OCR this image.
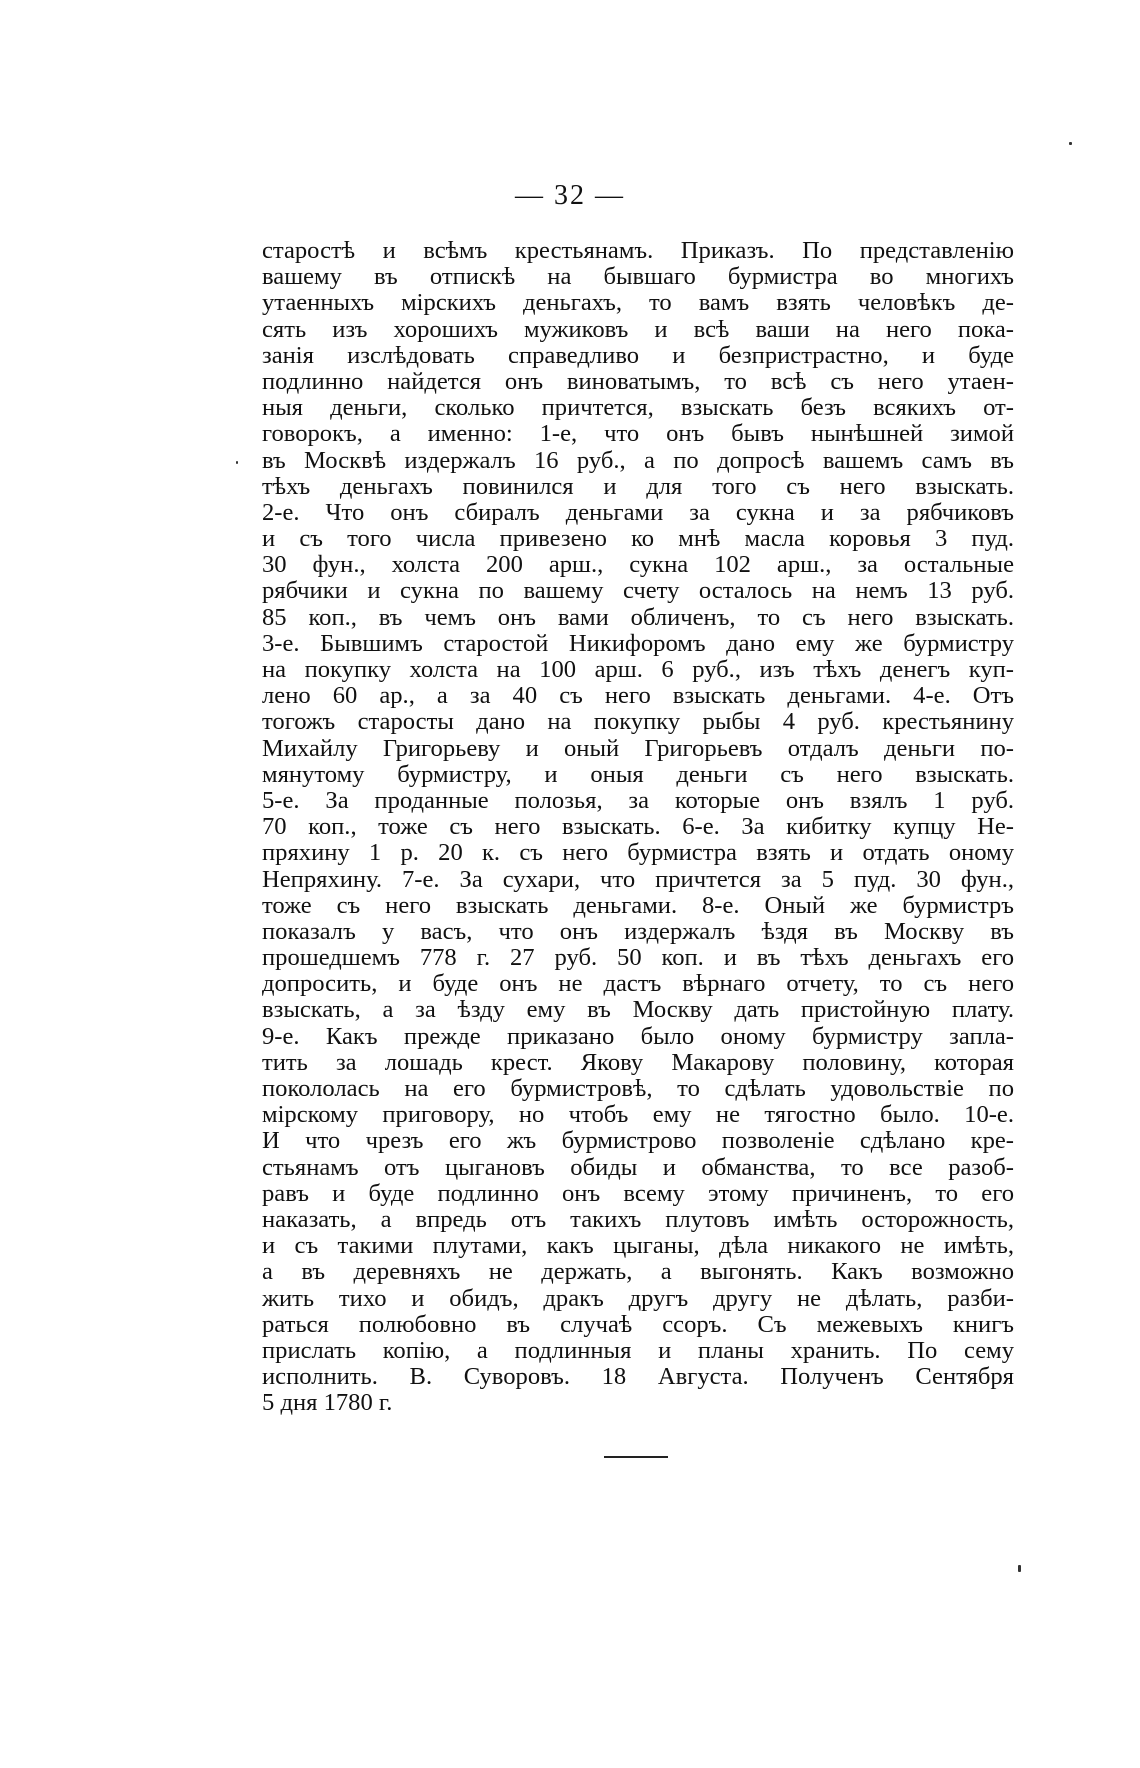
— 32 —
старостѣ и всѣмъ крестьянамъ. Приказъ. По представленію
вашему въ отпискѣ на бывшаго бурмистра во многихъ
утаенныхъ мірскихъ деньгахъ, то вамъ взять человѣкъ де-
сять изъ хорошихъ мужиковъ и всѣ ваши на него пока-
занія изслѣдовать справедливо и безпристрастно, и буде
подлинно найдется онъ виноватымъ, то всѣ съ него утаен-
ныя деньги, сколько причтется, взыскать безъ всякихъ от-
говорокъ, а именно: 1-е, что онъ бывъ нынѣшней зимой
въ Москвѣ издержалъ 16 руб., а по допросѣ вашемъ самъ въ
тѣхъ деньгахъ повинился и для того съ него взыскать.
2-е. Что онъ сбиралъ деньгами за сукна и за рябчиковъ
и съ того числа привезено ко мнѣ масла коровья 3 пуд.
30 фун., холста 200 арш., сукна 102 арш., за остальные
рябчики и сукна по вашему счету осталось на немъ 13 руб.
85 коп., въ чемъ онъ вами обличенъ, то съ него взыскать.
3-е. Бывшимъ старостой Никифоромъ дано ему же бурмистру
на покупку холста на 100 арш. 6 руб., изъ тѣхъ денегъ куп-
лено 60 ар., а за 40 съ него взыскать деньгами. 4-е. Отъ
тогожъ старосты дано на покупку рыбы 4 руб. крестьянину
Михайлу Григорьеву и оный Григорьевъ отдалъ деньги по-
мянутому бурмистру, и оныя деньги съ него взыскать.
5-е. За проданные полозья, за которые онъ взялъ 1 руб.
70 коп., тоже съ него взыскать. 6-е. За кибитку купцу Не-
пряхину 1 р. 20 к. съ него бурмистра взять и отдать оному
Непряхину. 7-е. За сухари, что причтется за 5 пуд. 30 фун.,
тоже съ него взыскать деньгами. 8-е. Оный же бурмистръ
показалъ у васъ, что онъ издержалъ ѣздя въ Москву въ
прошедшемъ 778 г. 27 руб. 50 коп. и въ тѣхъ деньгахъ его
допросить, и буде онъ не дастъ вѣрнаго отчету, то съ него
взыскать, а за ѣзду ему въ Москву дать пристойную плату.
9-е. Какъ прежде приказано было оному бурмистру запла-
тить за лошадь крест. Якову Макарову половину, которая
покололась на его бурмистровѣ, то сдѣлать удовольствіе по
мірскому приговору, но чтобъ ему не тягостно было. 10-е.
И что чрезъ его жъ бурмистрово позволеніе сдѣлано кре-
стьянамъ отъ цыгановъ обиды и обманства, то все разоб-
равъ и буде подлинно онъ всему этому причиненъ, то его
наказать, а впредь отъ такихъ плутовъ имѣть осторожность,
и съ такими плутами, какъ цыганы, дѣла никакого не имѣть,
а въ деревняхъ не держать, а выгонять. Какъ возможно
жить тихо и обидъ, дракъ другъ другу не дѣлать, разби-
раться полюбовно въ случаѣ ссоръ. Съ межевыхъ книгъ
прислать копію, а подлинныя и планы хранить. По сему
исполнить. В. Суворовъ. 18 Августа. Полученъ Сентября
5 дня 1780 г.
